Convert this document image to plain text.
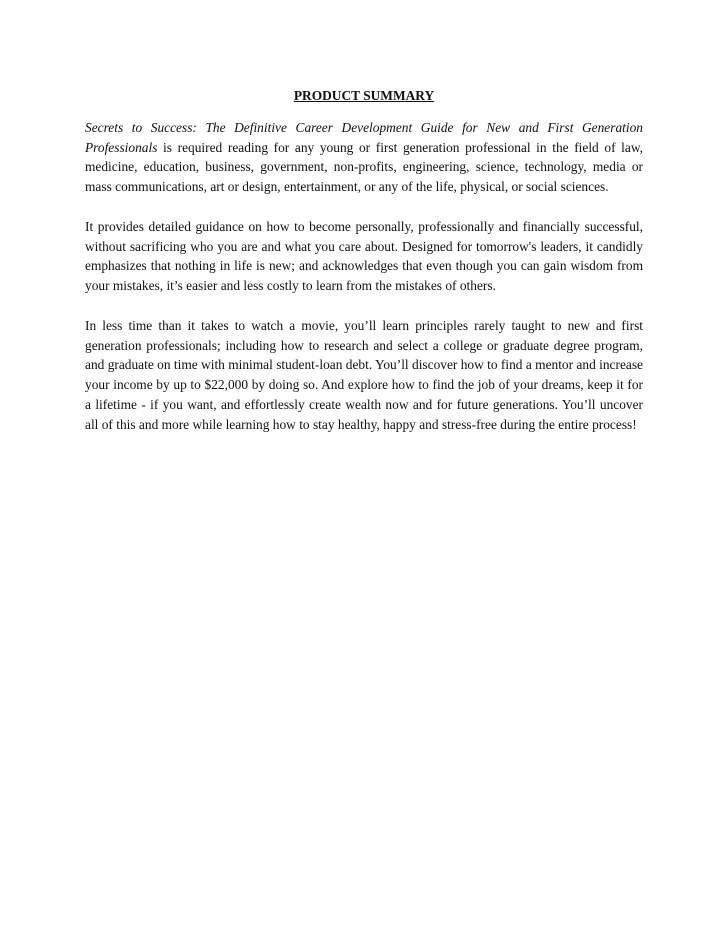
PRODUCT SUMMARY

Secrets to Success: The Definitive Career Development Guide for New and First Generation Professionals is required reading for any young or first generation professional in the field of law, medicine, education, business, government, non-profits, engineering, science, technology, media or mass communications, art or design, entertainment, or any of the life, physical, or social sciences.

It provides detailed guidance on how to become personally, professionally and financially successful, without sacrificing who you are and what you care about. Designed for tomorrow's leaders, it candidly emphasizes that nothing in life is new; and acknowledges that even though you can gain wisdom from your mistakes, it’s easier and less costly to learn from the mistakes of others.

In less time than it takes to watch a movie, you’ll learn principles rarely taught to new and first generation professionals; including how to research and select a college or graduate degree program, and graduate on time with minimal student-loan debt. You’ll discover how to find a mentor and increase your income by up to $22,000 by doing so. And explore how to find the job of your dreams, keep it for a lifetime - if you want, and effortlessly create wealth now and for future generations. You’ll uncover all of this and more while learning how to stay healthy, happy and stress-free during the entire process!
